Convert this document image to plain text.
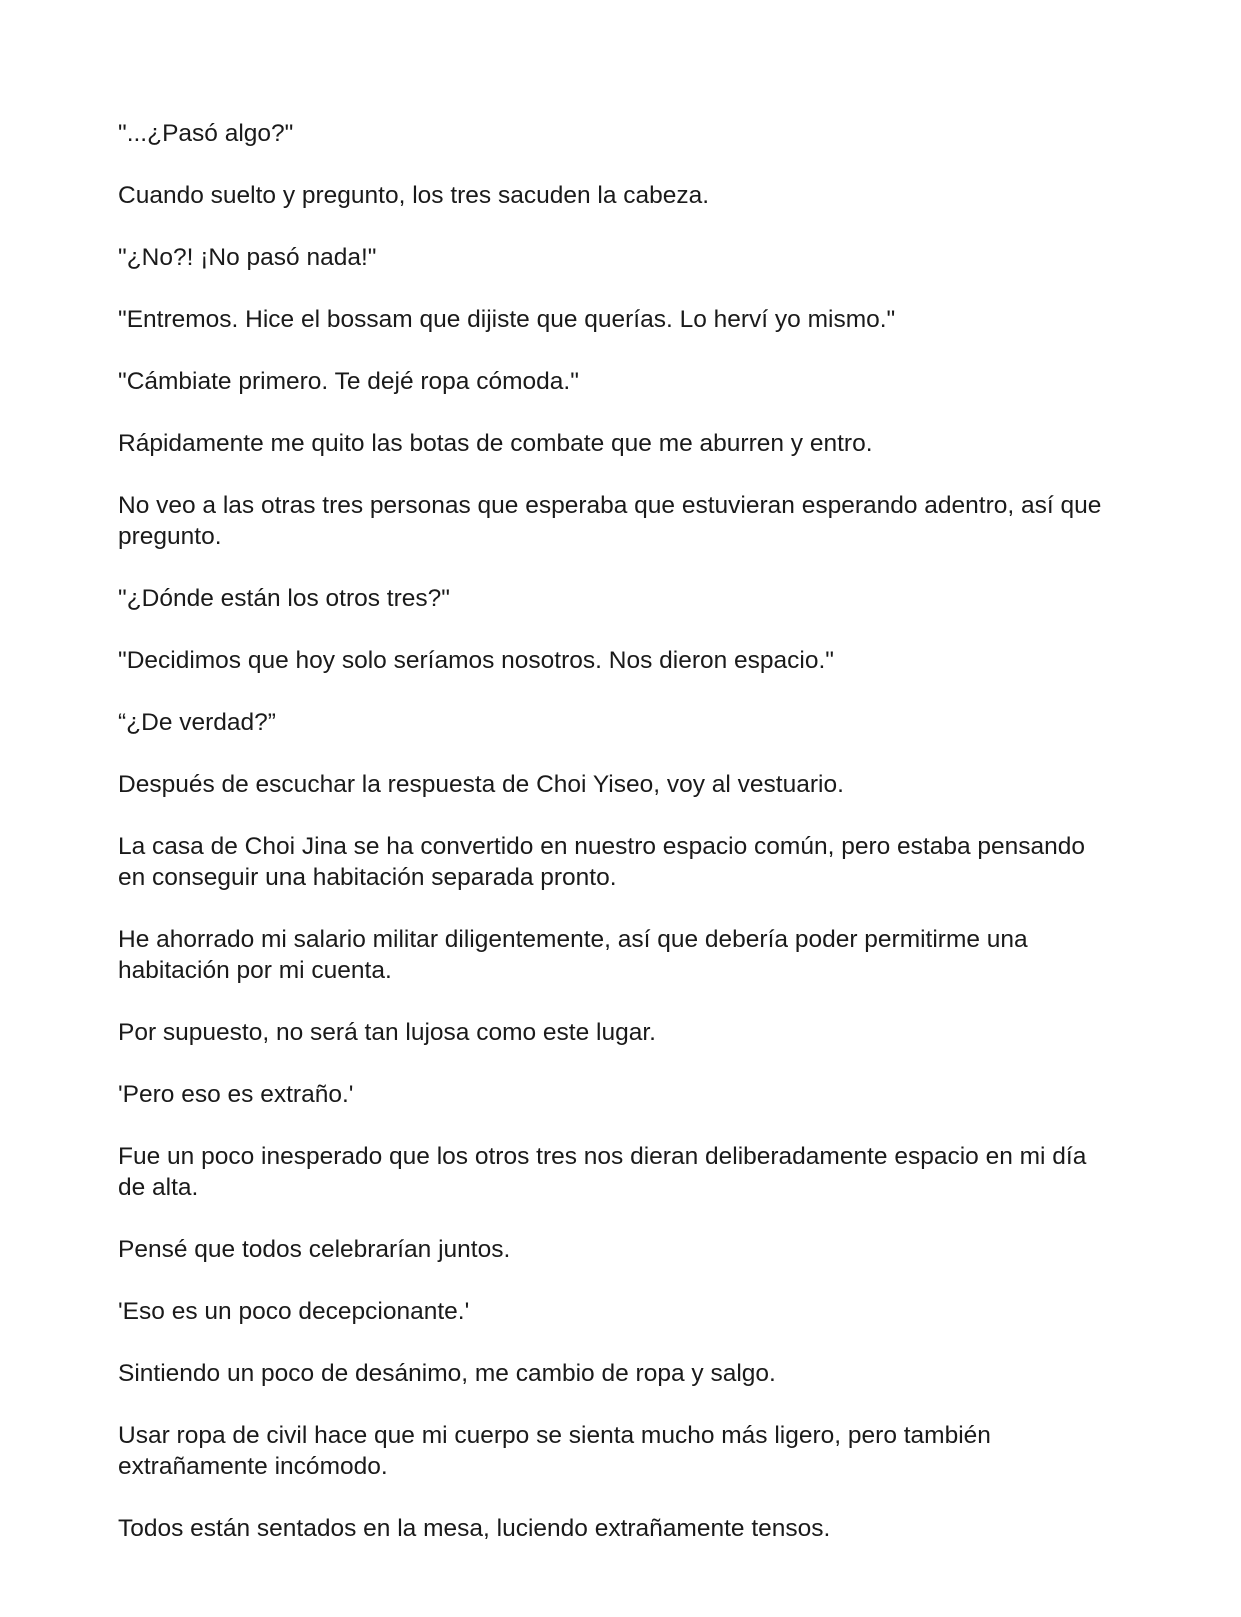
"...¿Pasó algo?"

Cuando suelto y pregunto, los tres sacuden la cabeza.

"¿No?! ¡No pasó nada!"

"Entremos. Hice el bossam que dijiste que querías. Lo herví yo mismo."

"Cámbiate primero. Te dejé ropa cómoda."

Rápidamente me quito las botas de combate que me aburren y entro.

No veo a las otras tres personas que esperaba que estuvieran esperando adentro, así que pregunto.

"¿Dónde están los otros tres?"

"Decidimos que hoy solo seríamos nosotros. Nos dieron espacio."

“¿De verdad?”

Después de escuchar la respuesta de Choi Yiseo, voy al vestuario.

La casa de Choi Jina se ha convertido en nuestro espacio común, pero estaba pensando en conseguir una habitación separada pronto.

He ahorrado mi salario militar diligentemente, así que debería poder permitirme una habitación por mi cuenta.

Por supuesto, no será tan lujosa como este lugar.

'Pero eso es extraño.'

Fue un poco inesperado que los otros tres nos dieran deliberadamente espacio en mi día de alta.

Pensé que todos celebrarían juntos.

'Eso es un poco decepcionante.'

Sintiendo un poco de desánimo, me cambio de ropa y salgo.

Usar ropa de civil hace que mi cuerpo se sienta mucho más ligero, pero también extrañamente incómodo.

Todos están sentados en la mesa, luciendo extrañamente tensos.
